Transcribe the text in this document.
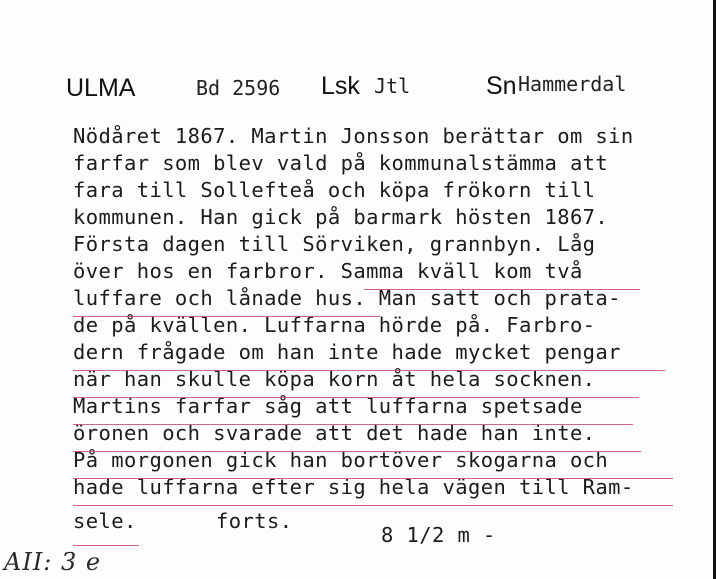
ULMA	Bd 2596 Lsk Jtl	Sn Hammerdal
Nödåret 1867. Martin Jonsson berättar om sin
farfar som blev vald på kommunalstämma att
fara till Sollefteå och köpa frökorn till
kommunen. Han gick på barmark hösten 1867.
Första dagen till Sörviken, grannbyn. Låg
över hos en farbror. Samma kväll kom två
luffare och lånade hus. Man satt och prata-
de på kvällen. Luffarna hörde på. Farbro-
dern frågade om han inte hade mycket pengar
när han skulle köpa korn åt hela socknen.
Martins farfar såg att luffarna spetsade
öronen och svarade att det hade han inte.
På morgonen gick han bortöver skogarna och
hade luffarna efter sig hela vägen till Ram-
sele.	forts.
8 1/2 m -
AII: 3 e
